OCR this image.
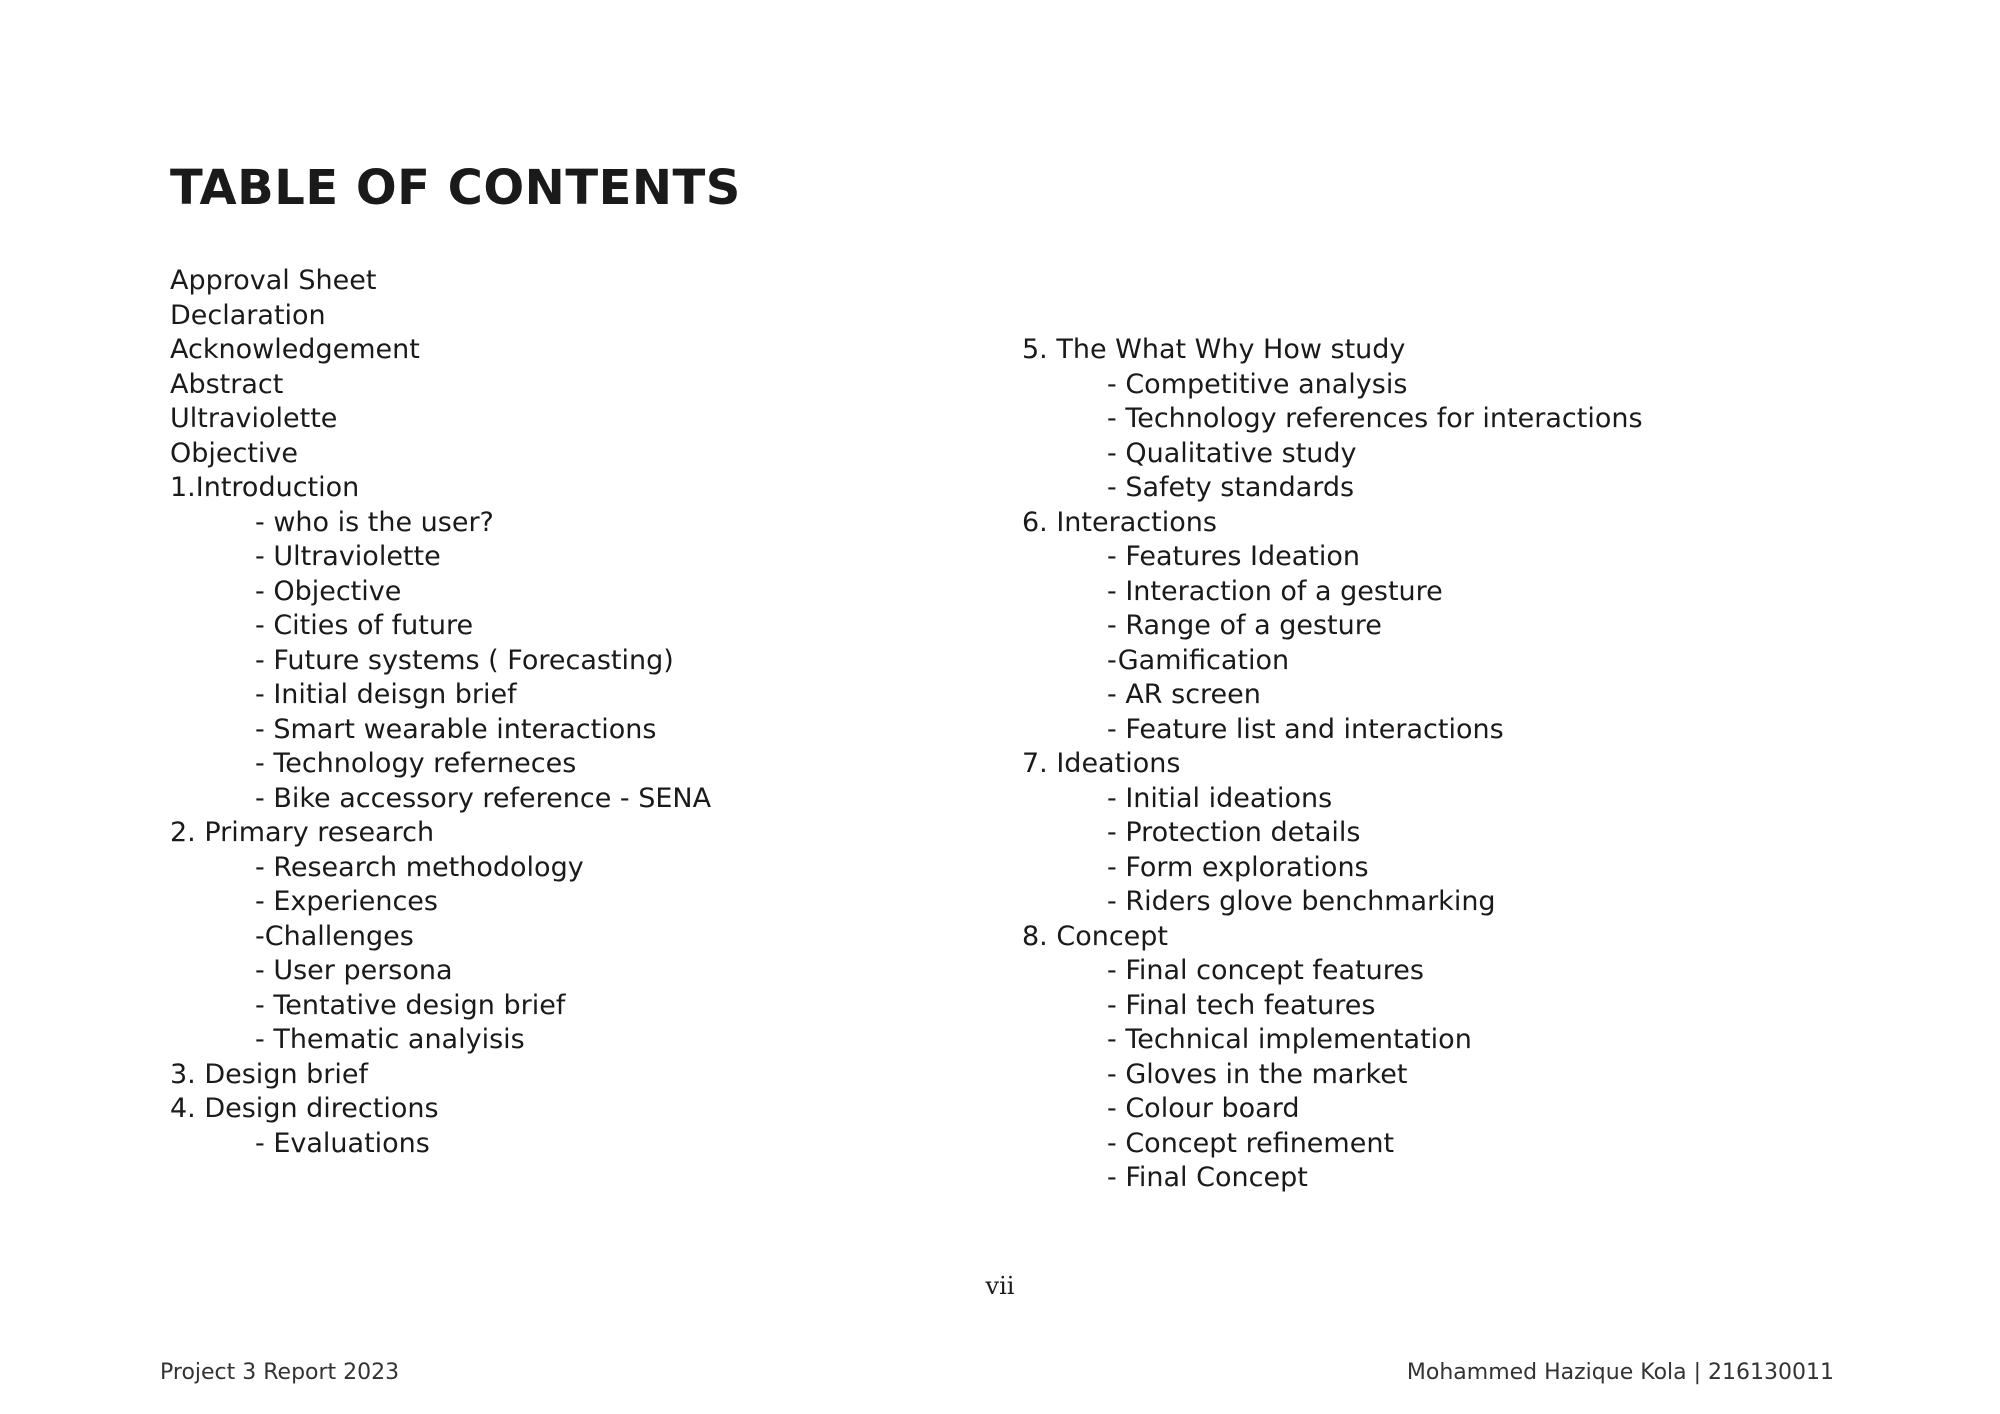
TABLE OF CONTENTS
Approval Sheet
Declaration
Acknowledgement
Abstract
Ultraviolette
Objective
1.Introduction
- who is the user?
- Ultraviolette
- Objective
- Cities of future
- Future systems ( Forecasting)
- Initial deisgn brief
- Smart wearable interactions
- Technology referneces
- Bike accessory reference - SENA
2. Primary research
- Research methodology
- Experiences
-Challenges
- User persona
- Tentative design brief
- Thematic analyisis
3. Design brief
4. Design directions
- Evaluations
5. The What Why How study
- Competitive analysis
- Technology references for interactions
- Qualitative study
- Safety standards
6. Interactions
- Features Ideation
- Interaction of a gesture
- Range of a gesture
-Gamification
- AR screen
- Feature list and interactions
7. Ideations
- Initial ideations
- Protection details
- Form explorations
- Riders glove benchmarking
8. Concept
- Final concept features
- Final tech features
- Technical implementation
- Gloves in the market
- Colour board
- Concept refinement
- Final Concept
vii
Project 3 Report 2023	Mohammed Hazique Kola | 216130011
